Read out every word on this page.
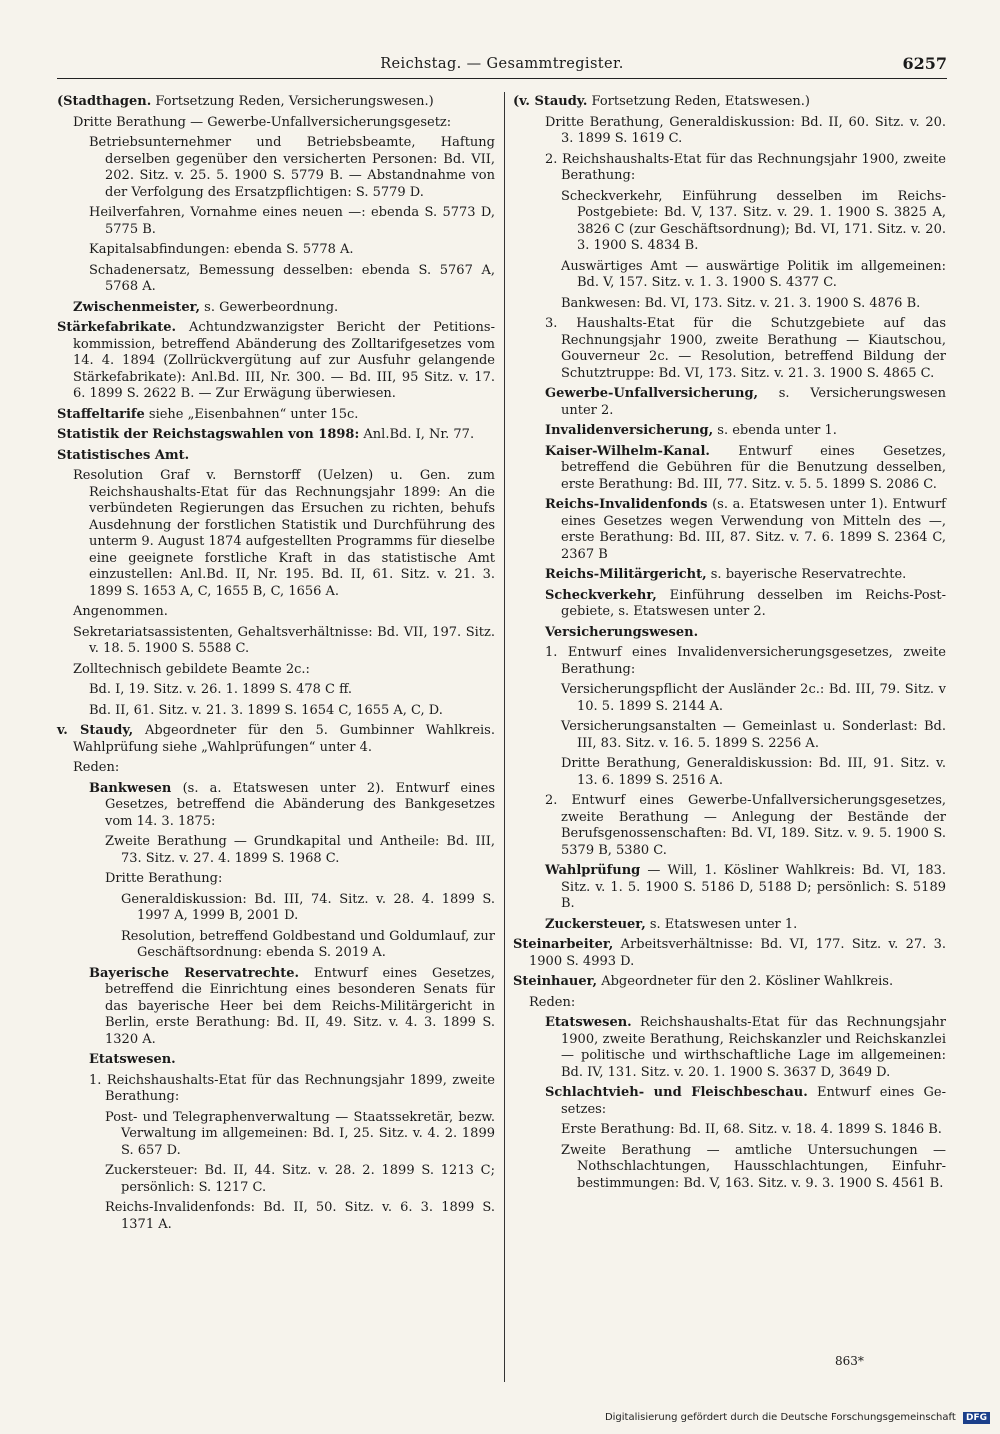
Reichstag. — Gesammtregister.	6257

(Stadthagen. Fortsetzung Reden, Versicherungswesen.)

Dritte Berathung — Gewerbe-Unfallversicherungsgesetz:

Betriebsunternehmer und Betriebsbeamte, Haftung derselben gegenüber den versicherten Personen: Bd. VII, 202. Sitz. v. 25. 5. 1900 S. 5779 B. — Abstandnahme von der Verfolgung des Ersatzpflichtigen: S. 5779 D.

Heilverfahren, Vornahme eines neuen —: ebenda S. 5773 D, 5775 B.

Kapitalsabfindungen: ebenda S. 5778 A.

Schadenersatz, Bemessung desselben: ebenda S. 5767 A, 5768 A.

Zwischenmeister, s. Gewerbeordnung.

Stärkefabrikate. Achtundzwanzigster Bericht der Petitionskommission, betreffend Abänderung des Zolltarifgesetzes vom 14. 4. 1894 (Zollrückvergütung auf zur Ausfuhr gelangende Stärkefabrikate): Anl.Bd. III, Nr. 300. — Bd. III, 95 Sitz. v. 17. 6. 1899 S. 2622 B. — Zur Erwägung überwiesen.

Staffeltarife siehe „Eisenbahnen“ unter 15c.

Statistik der Reichstagswahlen von 1898: Anl.Bd. I, Nr. 77.

Statistisches Amt.

Resolution Graf v. Bernstorff (Uelzen) u. Gen. zum Reichshaushalts-Etat für das Rechnungsjahr 1899: An die verbündeten Regierungen das Ersuchen zu richten, behufs Ausdehnung der forstlichen Statistik und Durchführung des unterm 9. August 1874 aufgestellten Programms für dieselbe eine geeignete forstliche Kraft in das statistische Amt einzustellen: Anl.Bd. II, Nr. 195. Bd. II, 61. Sitz. v. 21. 3. 1899 S. 1653 A, C, 1655 B, C, 1656 A.

Angenommen.

Sekretariatsassistenten, Gehaltsverhältnisse: Bd. VII, 197. Sitz. v. 18. 5. 1900 S. 5588 C.

Zolltechnisch gebildete Beamte 2c.:

Bd. I, 19. Sitz. v. 26. 1. 1899 S. 478 C ff.

Bd. II, 61. Sitz. v. 21. 3. 1899 S. 1654 C, 1655 A, C, D.

v. Staudy, Abgeordneter für den 5. Gumbinner Wahlkreis. Wahlprüfung siehe „Wahlprüfungen“ unter 4.

Reden:

Bankwesen (s. a. Etatswesen unter 2). Entwurf eines Gesetzes, betreffend die Abänderung des Bankgesetzes vom 14. 3. 1875:

Zweite Berathung — Grundkapital und Antheile: Bd. III, 73. Sitz. v. 27. 4. 1899 S. 1968 C.

Dritte Berathung:

Generaldiskussion: Bd. III, 74. Sitz. v. 28. 4. 1899 S. 1997 A, 1999 B, 2001 D.

Resolution, betreffend Goldbestand und Goldumlauf, zur Geschäftsordnung: ebenda S. 2019 A.

Bayerische Reservatrechte. Entwurf eines Gesetzes, betreffend die Einrichtung eines besonderen Senats für das bayerische Heer bei dem Reichs-Militärgericht in Berlin, erste Berathung: Bd. II, 49. Sitz. v. 4. 3. 1899 S. 1320 A.

Etatswesen.

1. Reichshaushalts-Etat für das Rechnungsjahr 1899, zweite Berathung:

Post- und Telegraphenverwaltung — Staatssekretär, bezw. Verwaltung im allgemeinen: Bd. I, 25. Sitz. v. 4. 2. 1899 S. 657 D.

Zuckersteuer: Bd. II, 44. Sitz. v. 28. 2. 1899 S. 1213 C; persönlich: S. 1217 C.

Reichs-Invalidenfonds: Bd. II, 50. Sitz. v. 6. 3. 1899 S. 1371 A.

(v. Staudy. Fortsetzung Reden, Etatswesen.)

Dritte Berathung, Generaldiskussion: Bd. II, 60. Sitz. v. 20. 3. 1899 S. 1619 C.

2. Reichshaushalts-Etat für das Rechnungsjahr 1900, zweite Berathung:

Scheckverkehr, Einführung desselben im Reichs-Postgebiete: Bd. V, 137. Sitz. v. 29. 1. 1900 S. 3825 A, 3826 C (zur Geschäftsordnung); Bd. VI, 171. Sitz. v. 20. 3. 1900 S. 4834 B.

Auswärtiges Amt — auswärtige Politik im allgemeinen: Bd. V, 157. Sitz. v. 1. 3. 1900 S. 4377 C.

Bankwesen: Bd. VI, 173. Sitz. v. 21. 3. 1900 S. 4876 B.

3. Haushalts-Etat für die Schutzgebiete auf das Rechnungsjahr 1900, zweite Berathung — Kiautschou, Gouverneur 2c. — Resolution, betreffend Bildung der Schutztruppe: Bd. VI, 173. Sitz. v. 21. 3. 1900 S. 4865 C.

Gewerbe-Unfallversicherung, s. Versicherungswesen unter 2.

Invalidenversicherung, s. ebenda unter 1.

Kaiser-Wilhelm-Kanal. Entwurf eines Gesetzes, betreffend die Gebühren für die Benutzung desselben, erste Berathung: Bd. III, 77. Sitz. v. 5. 5. 1899 S. 2086 C.

Reichs-Invalidenfonds (s. a. Etatswesen unter 1). Entwurf eines Gesetzes wegen Verwendung von Mitteln des —, erste Berathung: Bd. III, 87. Sitz. v. 7. 6. 1899 S. 2364 C, 2367 B

Reichs-Militärgericht, s. bayerische Reservatrechte.

Scheckverkehr, Einführung desselben im Reichs-Postgebiete, s. Etatswesen unter 2.

Versicherungswesen.

1. Entwurf eines Invalidenversicherungsgesetzes, zweite Berathung:

Versicherungspflicht der Ausländer 2c.: Bd. III, 79. Sitz. v 10. 5. 1899 S. 2144 A.

Versicherungsanstalten — Gemeinlast u. Sonderlast: Bd. III, 83. Sitz. v. 16. 5. 1899 S. 2256 A.

Dritte Berathung, Generaldiskussion: Bd. III, 91. Sitz. v. 13. 6. 1899 S. 2516 A.

2. Entwurf eines Gewerbe-Unfallversicherungsgesetzes, zweite Berathung — Anlegung der Bestände der Berufsgenossenschaften: Bd. VI, 189. Sitz. v. 9. 5. 1900 S. 5379 B, 5380 C.

Wahlprüfung — Will, 1. Kösliner Wahlkreis: Bd. VI, 183. Sitz. v. 1. 5. 1900 S. 5186 D, 5188 D; persönlich: S. 5189 B.

Zuckersteuer, s. Etatswesen unter 1.

Steinarbeiter, Arbeitsverhältnisse: Bd. VI, 177. Sitz. v. 27. 3. 1900 S. 4993 D.

Steinhauer, Abgeordneter für den 2. Kösliner Wahlkreis.

Reden:

Etatswesen. Reichshaushalts-Etat für das Rechnungsjahr 1900, zweite Berathung, Reichskanzler und Reichskanzlei — politische und wirthschaftliche Lage im allgemeinen: Bd. IV, 131. Sitz. v. 20. 1. 1900 S. 3637 D, 3649 D.

Schlachtvieh- und Fleischbeschau. Entwurf eines Gesetzes:

Erste Berathung: Bd. II, 68. Sitz. v. 18. 4. 1899 S. 1846 B.

Zweite Berathung — amtliche Untersuchungen — Nothschlachtungen, Hausschlachtungen, Einfuhrbestimmungen: Bd. V, 163. Sitz. v. 9. 3. 1900 S. 4561 B.

863*
Digitalisierung gefördert durch die Deutsche Forschungsgemeinschaft DFG
